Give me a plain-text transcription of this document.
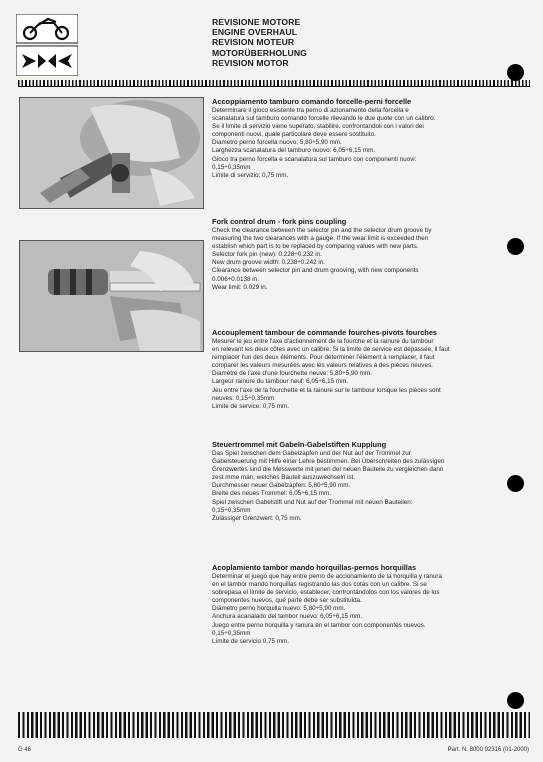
REVISIONE MOTORE
ENGINE OVERHAUL
REVISION MOTEUR
MOTORÜBERHOLUNG
REVISION MOTOR
Accoppiamento tamburo comando forcelle-perni forcelle

Determinare il gioco esistente tra perno di azionamento della forcella e

scanalatura sul tamburo comando forcelle rilevando le due quote con un calibro.

Se il limite di servizio viene superato, stabilire, confrontandoli con i valori dei

componenti nuovi, quale particolare deve essere sostituito.

Diametro perno forcella nuovo: 5,80÷5,90 mm.

Larghezza scanalatura del tamburo nuovo: 6,05÷6,15 mm.

Gioco tra perno forcella e scanalatura sul tamburo con componenti nuovi:

0,15÷0,35mm

Limite di servizio: 0,75 mm.

Fork control drum - fork pins coupling

Check the clearance between the selector pin and the selector drum groove by

measuring the two clearances with a gauge. If the wear limit is exceeded then

establish which part is to be replaced by comparing values with new parts.

Selector fork pin (new): 0.228÷0.232 in.

New drum groove width: 0.238÷0.242 in.

Clearance between selector pin and drum grooving, with new components

0.006÷0.0138 in.

Wear limit: 0.029 in.

Accouplement tambour de commande fourches-pivots fourches

Mesurer le jeu entre l'axe d'actionnement de la fourche et la rainure du tambour

en relevant les deux côtes avec un calibre. Si la limite de service est dépassée, il faut

remplacer l'un des deux éléments. Pour déterminer l'élément à remplacer, il faut

comparer les valeurs mesurées avec les valeurs relatives à des pièces neuves.

Diamètre de l'axe d'une fourchette neuve: 5,80÷5,90 mm.

Largeur rainure du tambour neuf: 6,05÷6,15 mm.

Jeu entre l'axe de la fourchette et la rainure sur le tambour lorsque les pièces sont

neuves: 0,15÷0,35mm

Limite de service: 0,75 mm.

Steuertrommel mit Gabeln-Gabelstiften Kupplung

Das Spiel zwischen dem Gabelzapfen und der Nut auf der Trommel zur

Gabelsteuerung mit Hilfe einer Lehre bestimmen. Bei Überschreiten des zulässigen

Grenzwertes sind die Messwerte mit jenen der neuen Bauteile zu vergleichen dann

zest mme man, welches Bauteil auszuwechseln ist.

Durchmesser neuer Gabelzapfen: 5,80÷5,90 mm.

Breite des neues Trommel: 6,05÷6,15 mm.

Spiel zwischen Gabelstift und Nut auf der Trommel mit neuen Bauteilen:

0,15÷0,35mm

Zulässiger Grenzwert: 0,75 mm.

Acoplamiento tambor mando horquillas-pernos horquillas

Determinar el juego que hay entre perno de accionamiento de la horquilla y ranura

en el tambor mando horquillas registrando las dos cotas con un calibre. Si se

sobrepasa el límite de servicio, establecer, confrontándolos con los valores de los

componentes nuevos, qué parte debe ser substituida.

Diámetro perno horquilla nuevo: 5,80÷5,90 mm.

Anchura acanalado del tambor nuevo: 6,05÷6,15 mm.

Juego entre perno horquilla y ranura en el tambor con componentes nuevos.

0,15÷0,35mm

Límite de servicio 0,75 mm.

G 46	Part. N. 8000 92316 (01-2000)
